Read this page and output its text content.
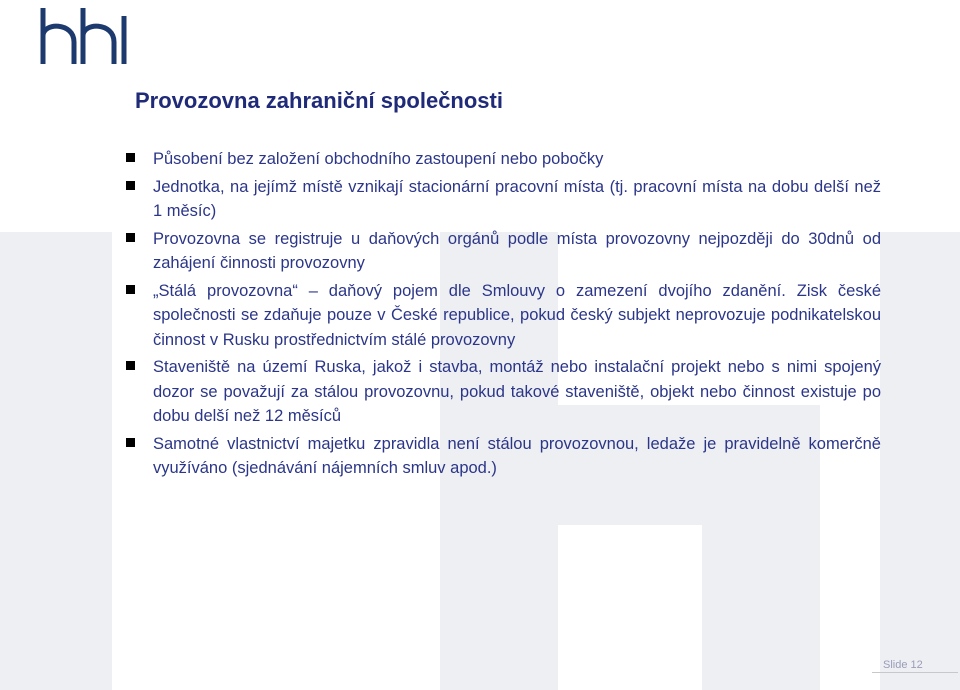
Provozovna zahraniční společnosti
Působení bez založení obchodního zastoupení nebo pobočky
Jednotka, na jejímž místě vznikají stacionární pracovní místa (tj. pracovní místa na dobu delší než 1 měsíc)
Provozovna se registruje u daňových orgánů podle místa provozovny nejpozději do 30dnů od zahájení činnosti provozovny
„Stálá provozovna“ – daňový pojem dle Smlouvy o zamezení dvojího zdanění. Zisk české společnosti se zdaňuje pouze v České republice, pokud český subjekt neprovozuje podnikatelskou činnost v Rusku prostřednictvím stálé provozovny
Staveniště na území Ruska, jakož i stavba, montáž nebo instalační projekt nebo s nimi spojený dozor se považují za stálou provozovnu, pokud takové staveniště, objekt nebo činnost existuje po dobu delší než 12 měsíců
Samotné vlastnictví majetku zpravidla není stálou provozovnou, ledaže je pravidelně komerčně využíváno (sjednávání nájemních smluv apod.)
Slide 12
